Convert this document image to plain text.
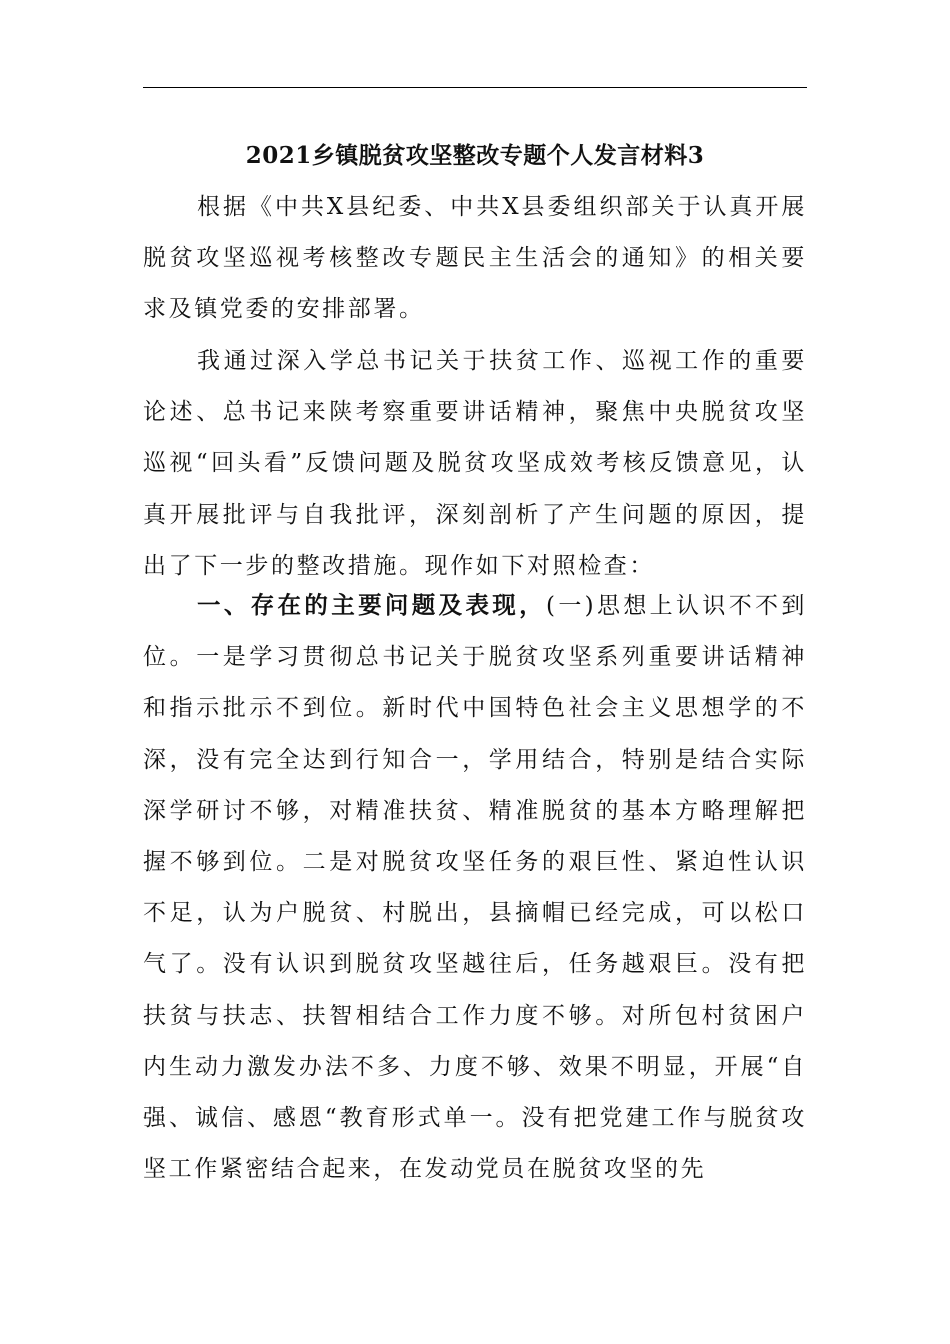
2021乡镇脱贫攻坚整改专题个人发言材料3

根据《中共X县纪委、中共X县委组织部关于认真开展脱贫攻坚巡视考核整改专题民主生活会的通知》的相关要求及镇党委的安排部署。

我通过深入学总书记关于扶贫工作、巡视工作的重要论述、总书记来陕考察重要讲话精神，聚焦中央脱贫攻坚巡视“回头看”反馈问题及脱贫攻坚成效考核反馈意见，认真开展批评与自我批评，深刻剖析了产生问题的原因，提出了下一步的整改措施。现作如下对照检查：

一、存在的主要问题及表现，(一)思想上认识不不到位。一是学习贯彻总书记关于脱贫攻坚系列重要讲话精神和指示批示不到位。新时代中国特色社会主义思想学的不深，没有完全达到行知合一，学用结合，特别是结合实际深学研讨不够，对精准扶贫、精准脱贫的基本方略理解把握不够到位。二是对脱贫攻坚任务的艰巨性、紧迫性认识不足，认为户脱贫、村脱出，县摘帽已经完成，可以松口气了。没有认识到脱贫攻坚越往后，任务越艰巨。没有把扶贫与扶志、扶智相结合工作力度不够。对所包村贫困户内生动力激发办法不多、力度不够、效果不明显，开展“自强、诚信、感恩“教育形式单一。没有把党建工作与脱贫攻坚工作紧密结合起来，在发动党员在脱贫攻坚的先
